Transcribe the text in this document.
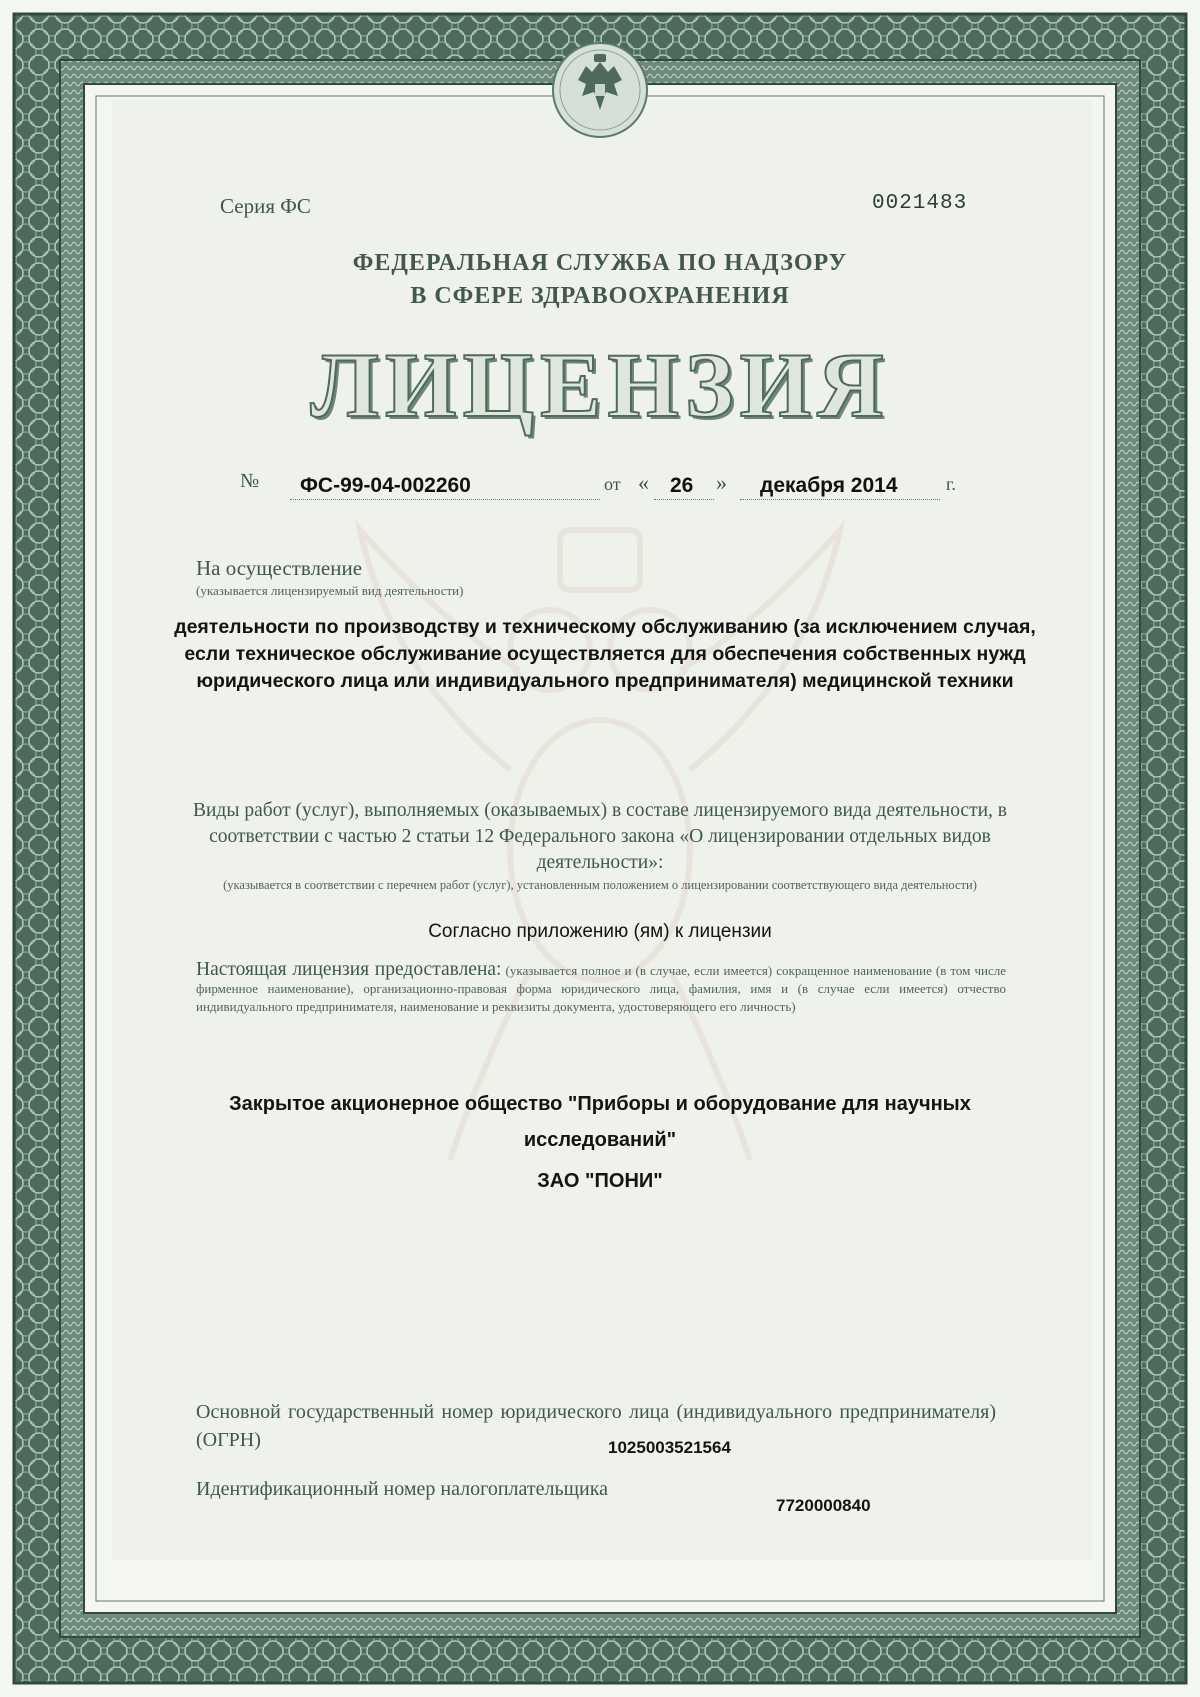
Серия ФС	0021483
ФЕДЕРАЛЬНАЯ СЛУЖБА ПО НАДЗОРУ
В СФЕРЕ ЗДРАВООХРАНЕНИЯ
ЛИЦЕНЗИЯ
№ ФС-99-04-002260	от « 26 » декабря 2014	г.
На осуществление
(указывается лицензируемый вид деятельности)
деятельности по производству и техническому обслуживанию (за исключением случая, если техническое обслуживание осуществляется для обеспечения собственных нужд юридического лица или индивидуального предпринимателя) медицинской техники
Виды работ (услуг), выполняемых (оказываемых) в составе лицензируемого вида деятельности, в соответствии с частью 2 статьи 12 Федерального закона «О лицензировании отдельных видов деятельности»:
(указывается в соответствии с перечнем работ (услуг), установленным положением о лицензировании соответствующего вида деятельности)
Согласно приложению (ям) к лицензии
Настоящая лицензия предоставлена: (указывается полное и (в случае, если имеется) сокращенное наименование (в том числе фирменное наименование), организационно-правовая форма юридического лица, фамилия, имя и (в случае если имеется) отчество индивидуального предпринимателя, наименование и реквизиты документа, удостоверяющего его личность)
Закрытое акционерное общество "Приборы и оборудование для научных
исследований"
ЗАО "ПОНИ"
Основной государственный номер юридического лица (индивидуального предпринимателя) (ОГРН)	1025003521564
Идентификационный номер налогоплательщика
7720000840
